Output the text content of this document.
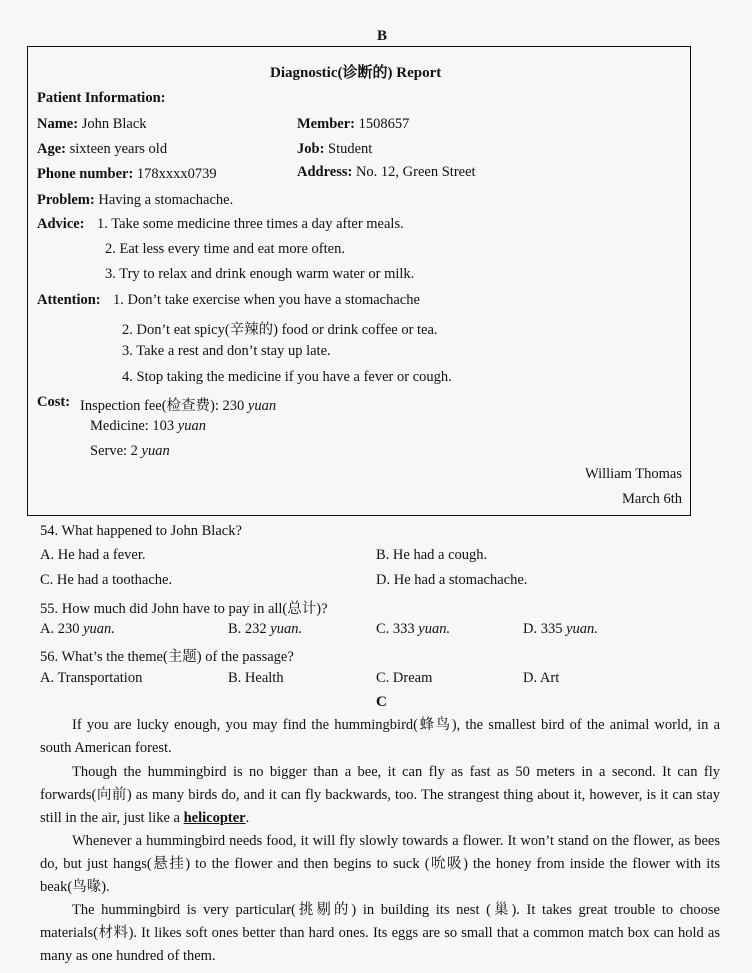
B
Diagnostic(诊断的) Report
Patient Information:
Name: John Black	Member: 1508657
Age: sixteen years old	Job: Student
Phone number: 178xxxx0739	Address: No. 12, Green Street
Problem: Having a stomachache.
Advice: 1. Take some medicine three times a day after meals.
2. Eat less every time and eat more often.
3. Try to relax and drink enough warm water or milk.
Attention: 1. Don’t take exercise when you have a stomachache
2. Don’t eat spicy(辛辣的) food or drink coffee or tea.
3. Take a rest and don’t stay up late.
4. Stop taking the medicine if you have a fever or cough.
Cost: Inspection fee(检查费): 230 yuan
Medicine: 103 yuan
Serve: 2 yuan
William Thomas
March 6th
54. What happened to John Black?
A. He had a fever.	B. He had a cough.
C. He had a toothache.	D. He had a stomachache.
55. How much did John have to pay in all(总计)?
A. 230 yuan.	B. 232 yuan.	C. 333 yuan.	D. 335 yuan.
56. What’s the theme(主题) of the passage?
A. Transportation	B. Health	C. Dream	D. Art
C
If you are lucky enough, you may find the hummingbird(蜂鸟), the smallest bird of the animal world, in a south American forest.
Though the hummingbird is no bigger than a bee, it can fly as fast as 50 meters in a second. It can fly forwards(向前) as many birds do, and it can fly backwards, too. The strangest thing about it, however, is it can stay still in the air, just like a helicopter.
Whenever a hummingbird needs food, it will fly slowly towards a flower. It won’t stand on the flower, as bees do, but just hangs(悬挂) to the flower and then begins to suck (吮吸) the honey from inside the flower with its beak(鸟喙).
The hummingbird is very particular(挑剔的) in building its nest (巢). It takes great trouble to choose materials(材料). It likes soft ones better than hard ones. Its eggs are so small that a common match box can hold as many as one hundred of them.
